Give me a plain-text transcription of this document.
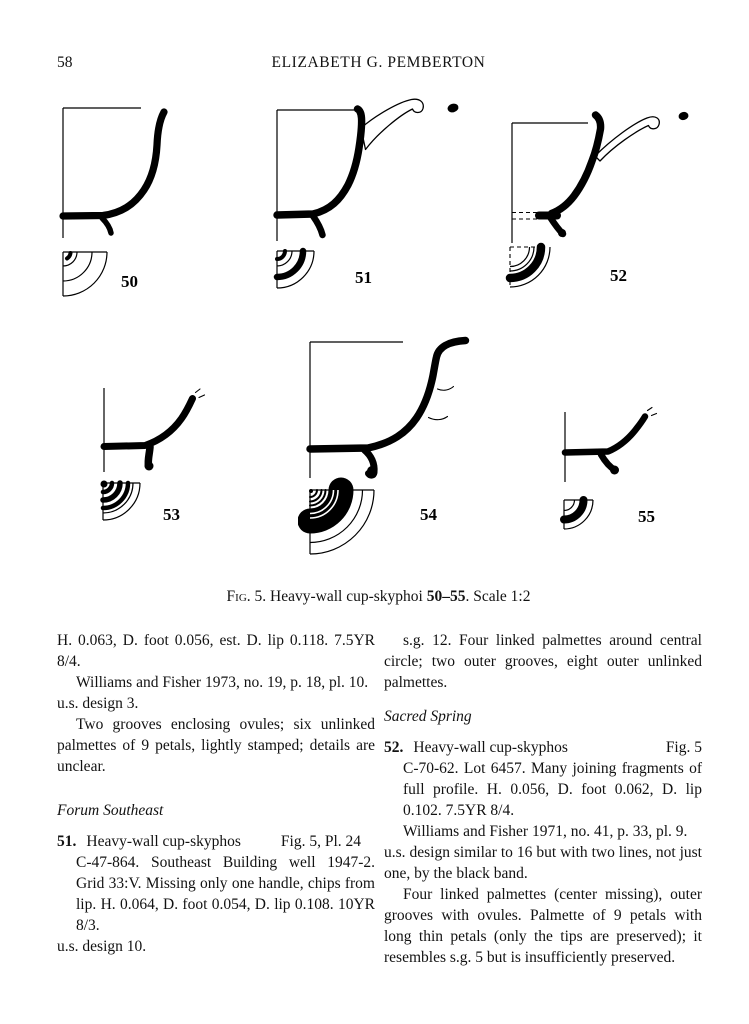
58	ELIZABETH G. PEMBERTON
50	51	52
53	54	55
Fig. 5. Heavy-wall cup-skyphoi 50–55. Scale 1:2

H. 0.063, D. foot 0.056, est. D. lip 0.118. 7.5YR 8/4.

Williams and Fisher 1973, no. 19, p. 18, pl. 10.

u.s. design 3.

Two grooves enclosing ovules; six unlinked palmettes of 9 petals, lightly stamped; details are unclear.

Forum Southeast
51. Heavy-wall cup-skyphos	Fig. 5, Pl. 24

C-47-864. Southeast Building well 1947-2. Grid 33:V. Missing only one handle, chips from lip. H. 0.064, D. foot 0.054, D. lip 0.108. 10YR 8/3.

u.s. design 10.

s.g. 12. Four linked palmettes around central circle; two outer grooves, eight outer unlinked palmettes.

Sacred Spring
52. Heavy-wall cup-skyphos	Fig. 5

C-70-62. Lot 6457. Many joining fragments of full profile. H. 0.056, D. foot 0.062, D. lip 0.102. 7.5YR 8/4.

Williams and Fisher 1971, no. 41, p. 33, pl. 9.

u.s. design similar to 16 but with two lines, not just one, by the black band.

Four linked palmettes (center missing), outer grooves with ovules. Palmette of 9 petals with long thin petals (only the tips are preserved); it resembles s.g. 5 but is insufficiently preserved.
